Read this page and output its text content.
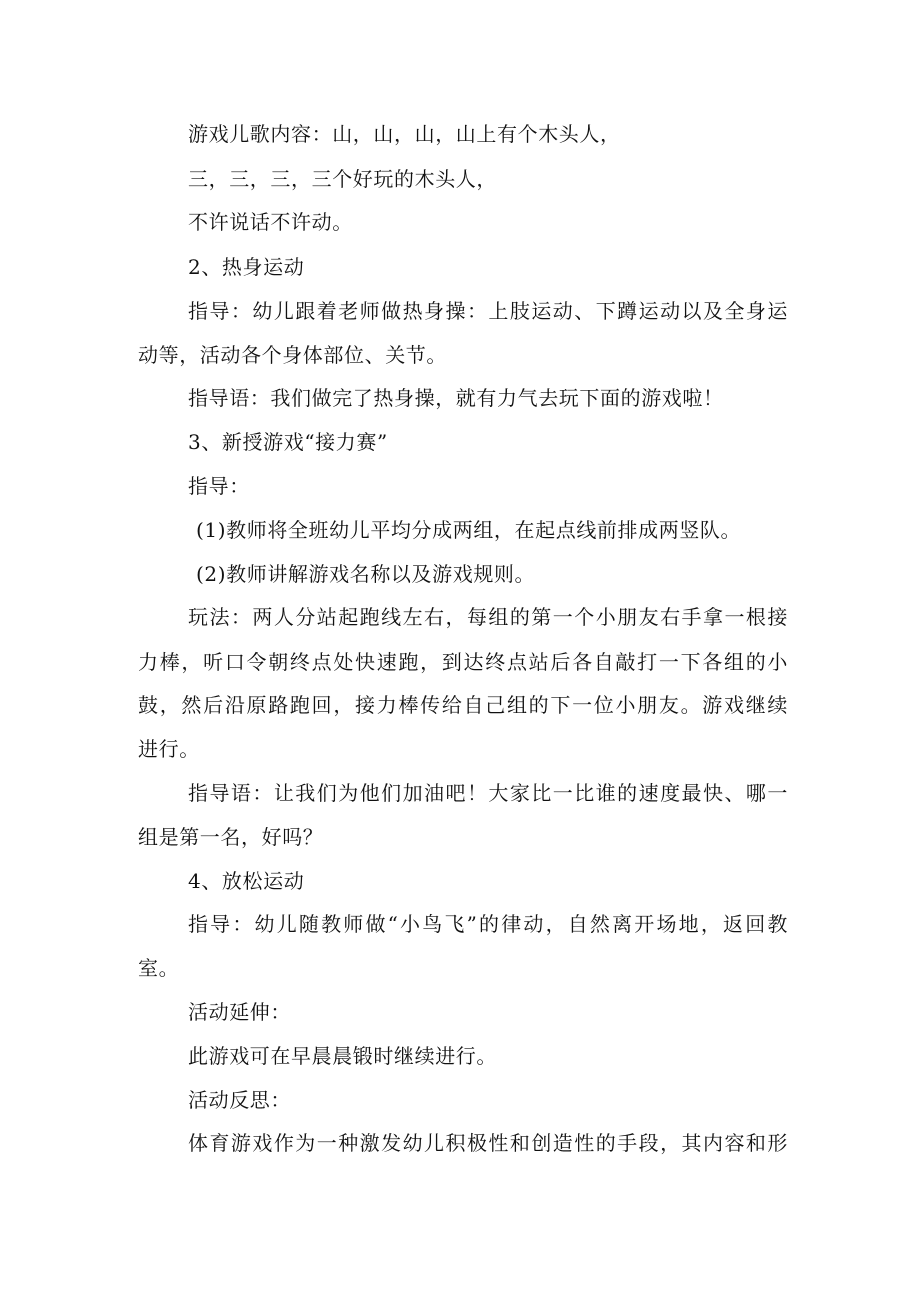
游戏儿歌内容：山，山，山，山上有个木头人，
三，三，三，三个好玩的木头人，
不许说话不许动。
2、热身运动
指导：幼儿跟着老师做热身操：上肢运动、下蹲运动以及全身运
动等，活动各个身体部位、关节。
指导语：我们做完了热身操，就有力气去玩下面的游戏啦！
3、新授游戏“接力赛”
指导：
(1)教师将全班幼儿平均分成两组，在起点线前排成两竖队。
(2)教师讲解游戏名称以及游戏规则。
玩法：两人分站起跑线左右，每组的第一个小朋友右手拿一根接
力棒，听口令朝终点处快速跑，到达终点站后各自敲打一下各组的小
鼓，然后沿原路跑回，接力棒传给自己组的下一位小朋友。游戏继续
进行。
指导语：让我们为他们加油吧！大家比一比谁的速度最快、哪一
组是第一名，好吗？
4、放松运动
指导：幼儿随教师做“小鸟飞”的律动，自然离开场地，返回教
室。
活动延伸：
此游戏可在早晨晨锻时继续进行。
活动反思：
体育游戏作为一种激发幼儿积极性和创造性的手段，其内容和形
